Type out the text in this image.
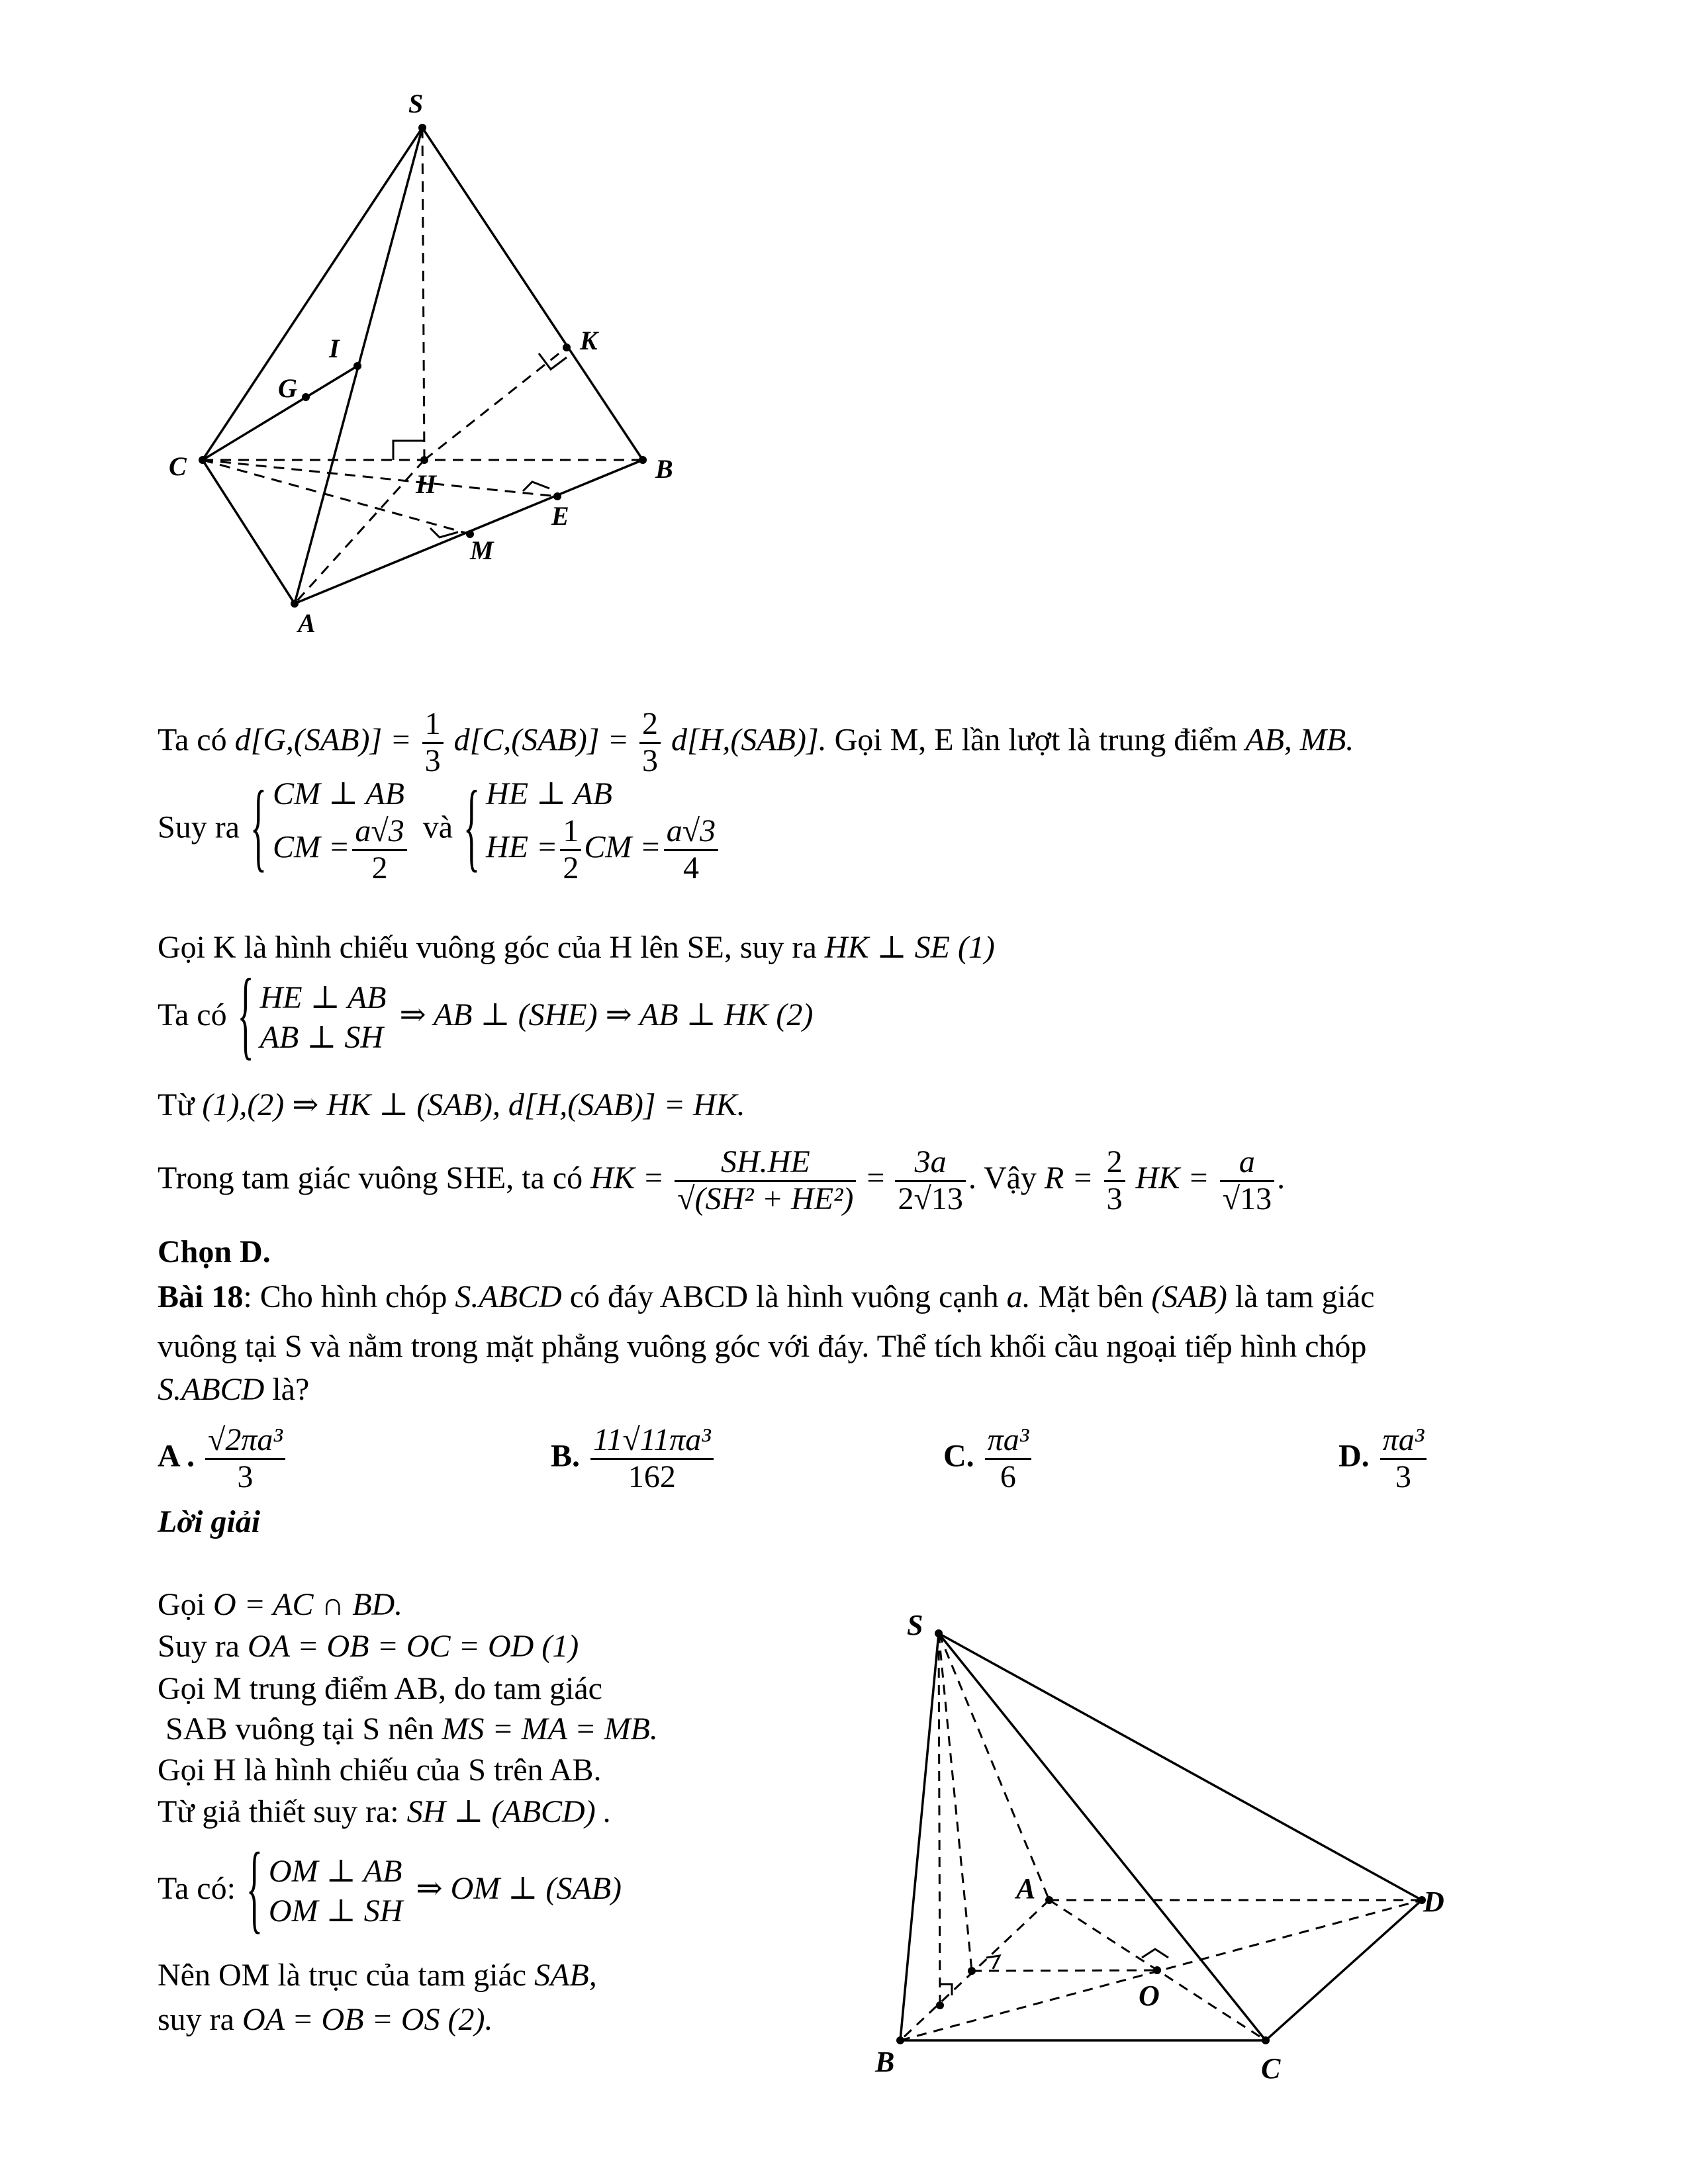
S
I
G
K
C
H
B
E
M
A
Ta có $d[G,(SAB)] = \frac{1}{3} d[C,(SAB)] = \frac{2}{3} d[H,(SAB)]$. Gọi M, E lần lượt là trung điểm AB, MB.
Suy ra
{ CM ⊥ AB
CM = $\frac{a√3}{2}$ và
{ HE ⊥ AB
HE = $\frac{1}{2}$ CM = $\frac{a√3}{4}$
Gọi K là hình chiếu vuông góc của H lên SE, suy ra HK ⊥ SE (1)
Ta có { HE ⊥ AB
AB ⊥ SH
⇒ AB ⊥ (SHE) ⇒ AB ⊥ HK (2)
Từ (1),(2) ⇒ HK ⊥ (SAB), d[H,(SAB)] = HK.
Trong tam giác vuông SHE, ta có HK = $\frac{SH.HE}{\text{√(SH² + HE²)}} = \frac{3a}{2√13}$ . Vậy $R = \frac{2}{3}$ HK = $\frac{a}{√13}$ .
Chọn D.
Bài 18: Cho hình chóp S.ABCD có đáy ABCD là hình vuông cạnh a. Mặt bên (SAB) là tam giác
vuông tại S và nằm trong mặt phẳng vuông góc với đáy. Thể tích khối cầu ngoại tiếp hình chóp
S.ABCD là?
A . $\frac{\text{√2πa³}}{3}$	B. $\frac{\text{11√11πa³}}{162}$	C. $\frac{\text{πa³}}{6}$	D. $\frac{\text{πa³}}{3}$
Lời giải
Gọi O = AC ∩ BD.
Suy ra OA = OB = OC = OD (1)
Gọi M trung điểm AB, do tam giác
SAB vuông tại S nên MS = MA = MB.
Gọi H là hình chiếu của S trên AB.
Từ giả thiết suy ra: SH ⊥ (ABCD) .
Ta có: { OM ⊥ AB
OM ⊥ SH
⇒ OM ⊥ (SAB)
Nên OM là trục của tam giác SAB,
suy ra OA = OB = OS (2).
S
A	D
O
B	C
